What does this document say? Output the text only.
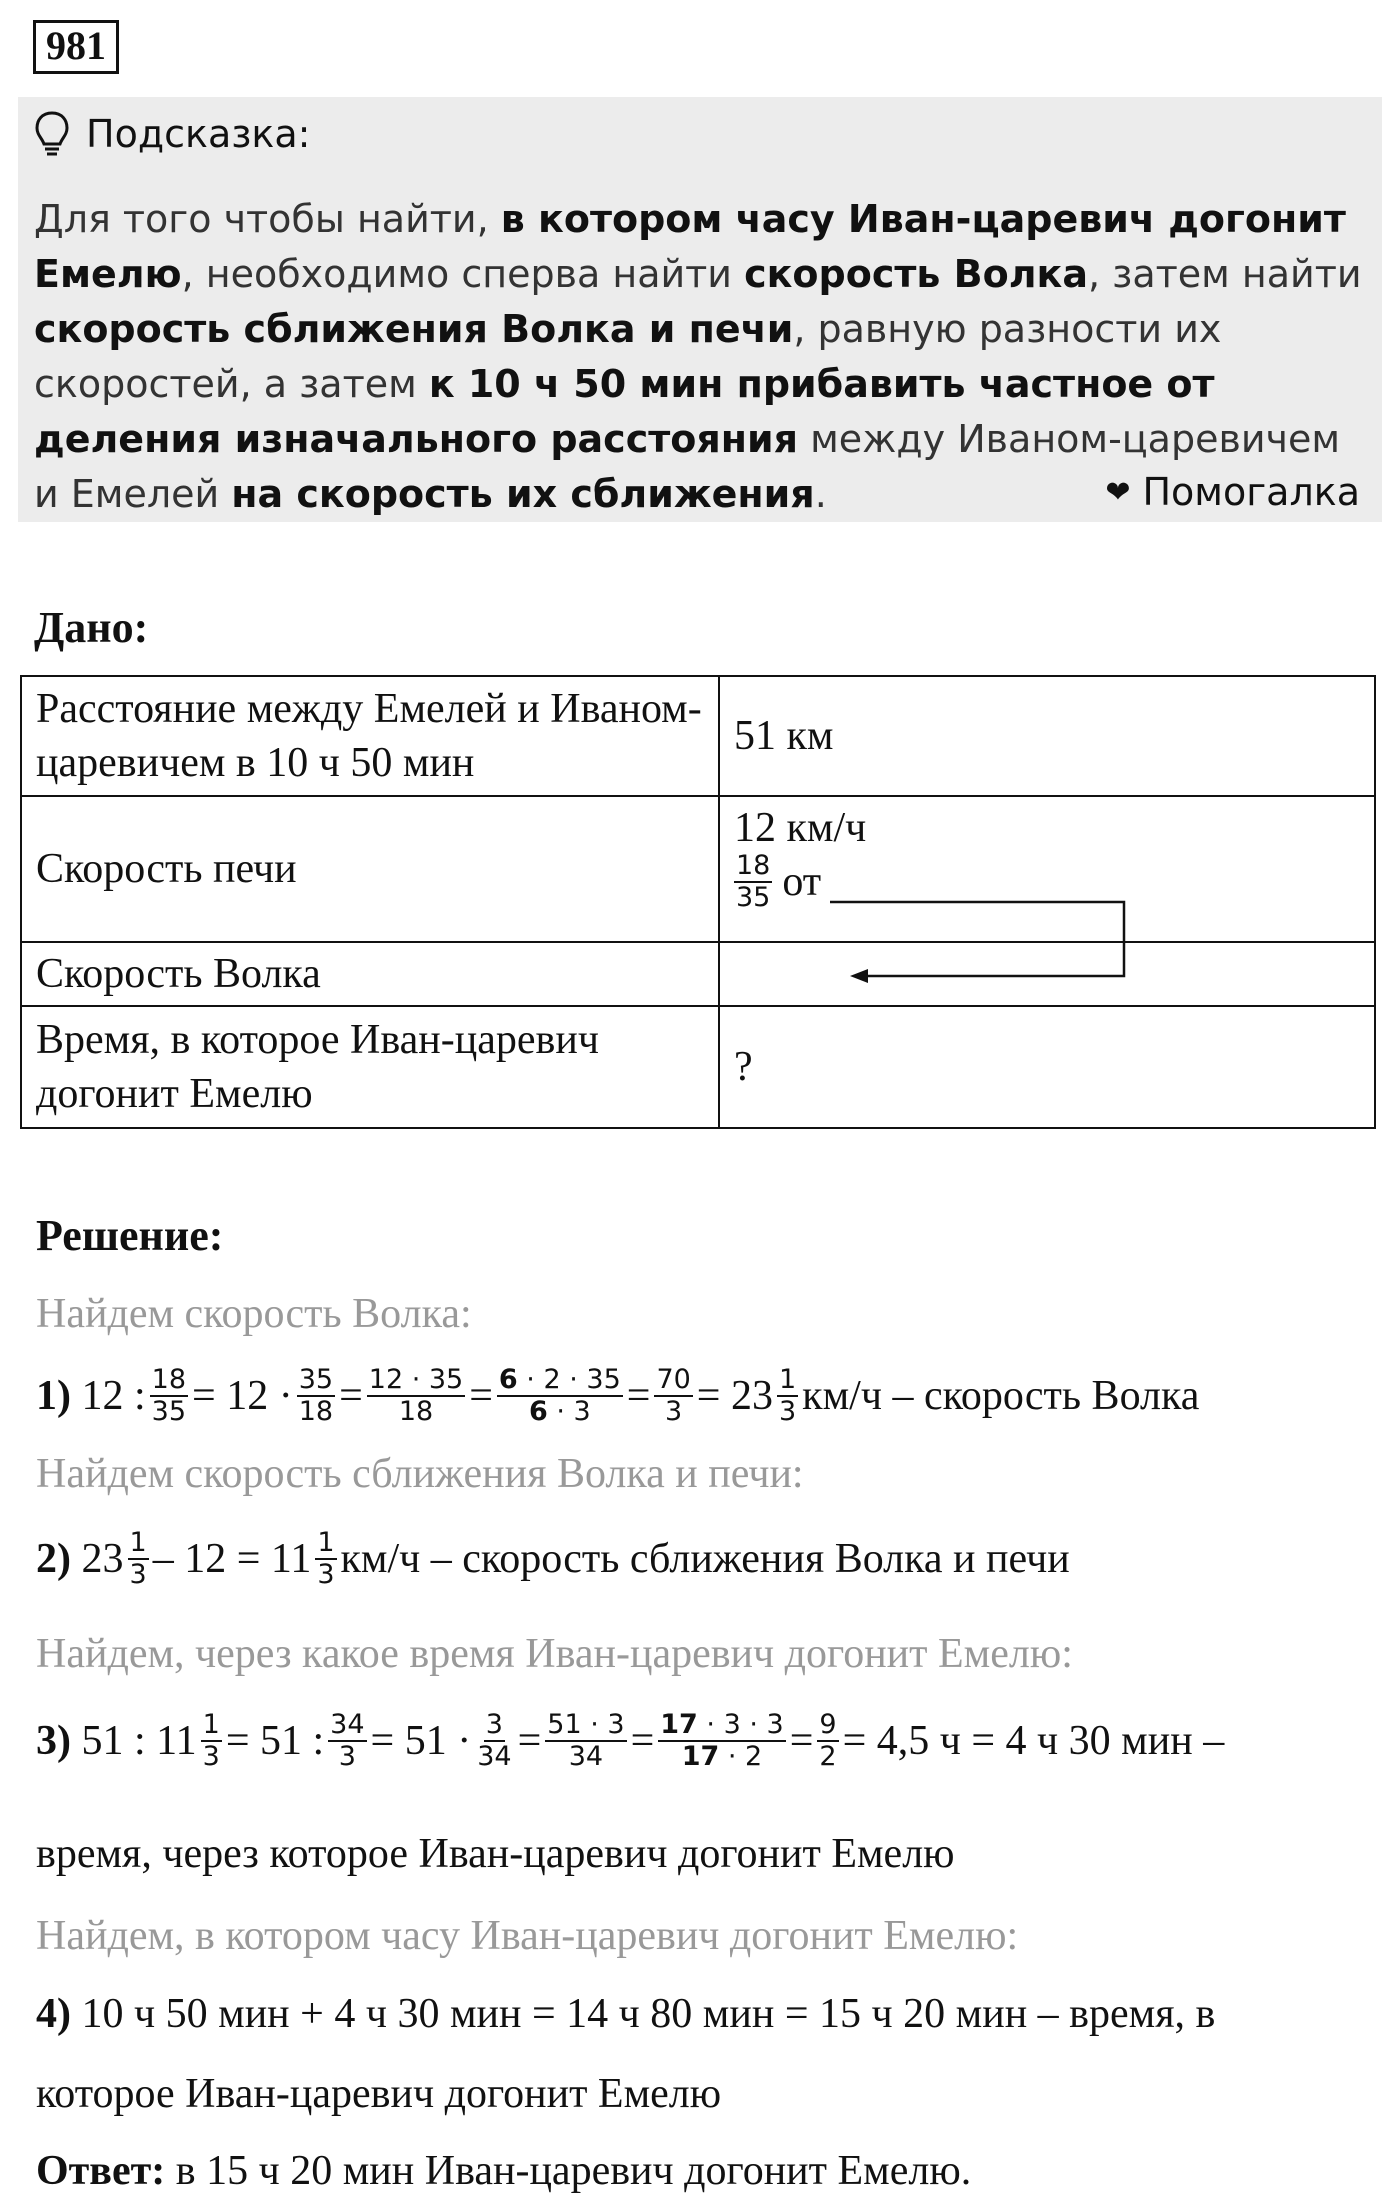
981
Подсказка:
Для того чтобы найти, в котором часу Иван-царевич догонит Емелю, необходимо сперва найти скорость Волка, затем найти скорость сближения Волка и печи, равную разности их скоростей, а затем к 10 ч 50 мин прибавить частное от деления изначального расстояния между Иваном-царевичем и Емелей на скорость их сближения.	❤ Помогалка
Дано:
Расстояние между Емелей и Иваном-царевичем в 10 ч 50 мин	51 км
Скорость печи	12 км/ч
$\frac{18}{35}$ от

Скорость Волка	
Время, в которое Иван-царевич догонит Емелю	?
Решение:
Найдем скорость Волка:
1) 12 : $\frac{18}{35} = 12 \cdot \frac{35}{18} = \frac{12 \cdot 35}{18} = \frac{6 \cdot 2 \cdot 35}{6 \cdot 3} = \frac{70}{3} = 23 \frac{1}{3} км/ч$ – скорость Волка
Найдем скорость сближения Волка и печи:
2) $23 \frac{1}{3} - 12 = 11 \frac{1}{3} км/ч$ – скорость сближения Волка и печи
Найдем, через какое время Иван-царевич догонит Емелю:
3) 51 : $11 \frac{1}{3} = 51$ : $\frac{34}{3} = 51 \cdot \frac{3}{34} = \frac{51 \cdot 3}{34} = \frac{17 \cdot 3 \cdot 3}{17 \cdot 2} = \frac{9}{2} = 4,5$ ч = 4 ч 30 мин –
время, через которое Иван-царевич догонит Емелю
Найдем, в котором часу Иван-царевич догонит Емелю:
4)
10 ч 50 мин + 4 ч 30 мин = 14 ч 80 мин = 15 ч 20 мин – время, в
которое Иван-царевич догонит Емелю
Ответ:
в 15 ч 20 мин Иван-царевич догонит Емелю.
